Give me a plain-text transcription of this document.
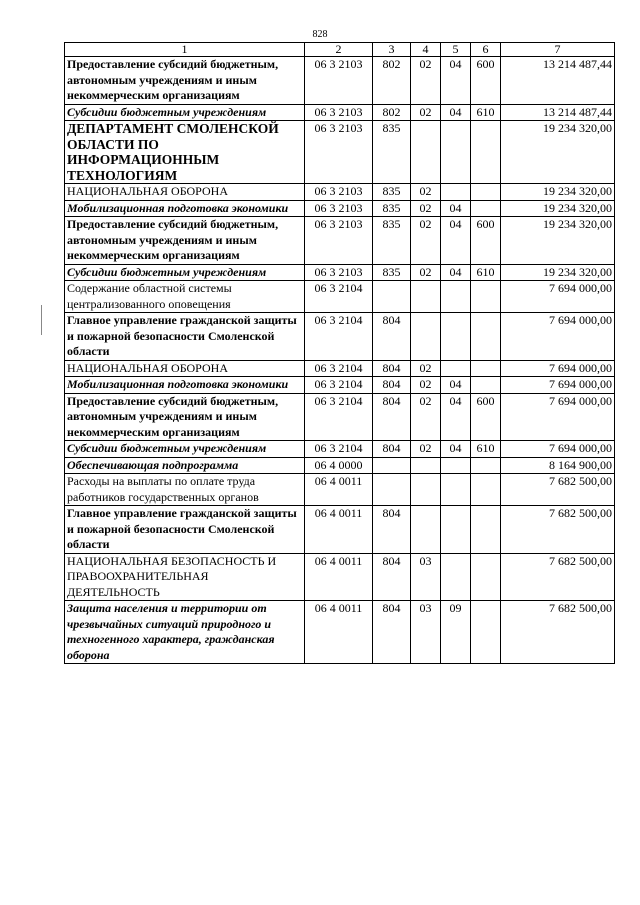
828
1	2	3	4	5	6	7
Предоставление субсидий бюджетным, автономным учреждениям и иным некоммерческим организациям	06 3 2103	802	02	04	600	13 214 487,44
Субсидии бюджетным учреждениям	06 3 2103	802	02	04	610	13 214 487,44
ДЕПАРТАМЕНТ СМОЛЕНСКОЙ ОБЛАСТИ ПО ИНФОРМАЦИОННЫМ ТЕХНОЛОГИЯМ	06 3 2103	835				19 234 320,00
НАЦИОНАЛЬНАЯ ОБОРОНА	06 3 2103	835	02			19 234 320,00
Мобилизационная подготовка экономики	06 3 2103	835	02	04		19 234 320,00
Предоставление субсидий бюджетным, автономным учреждениям и иным некоммерческим организациям	06 3 2103	835	02	04	600	19 234 320,00
Субсидии бюджетным учреждениям	06 3 2103	835	02	04	610	19 234 320,00
Содержание областной системы централизованного оповещения	06 3 2104					7 694 000,00
Главное управление гражданской защиты и пожарной безопасности Смоленской области	06 3 2104	804				7 694 000,00
НАЦИОНАЛЬНАЯ ОБОРОНА	06 3 2104	804	02			7 694 000,00
Мобилизационная подготовка экономики	06 3 2104	804	02	04		7 694 000,00
Предоставление субсидий бюджетным, автономным учреждениям и иным некоммерческим организациям	06 3 2104	804	02	04	600	7 694 000,00
Субсидии бюджетным учреждениям	06 3 2104	804	02	04	610	7 694 000,00
Обеспечивающая подпрограмма	06 4 0000					8 164 900,00
Расходы на выплаты по оплате труда работников государственных органов	06 4 0011					7 682 500,00
Главное управление гражданской защиты и пожарной безопасности Смоленской области	06 4 0011	804				7 682 500,00
НАЦИОНАЛЬНАЯ БЕЗОПАСНОСТЬ И ПРАВООХРАНИТЕЛЬНАЯ ДЕЯТЕЛЬНОСТЬ	06 4 0011	804	03			7 682 500,00
Защита населения и территории от чрезвычайных ситуаций природного и техногенного характера, гражданская оборона	06 4 0011	804	03	09		7 682 500,00
